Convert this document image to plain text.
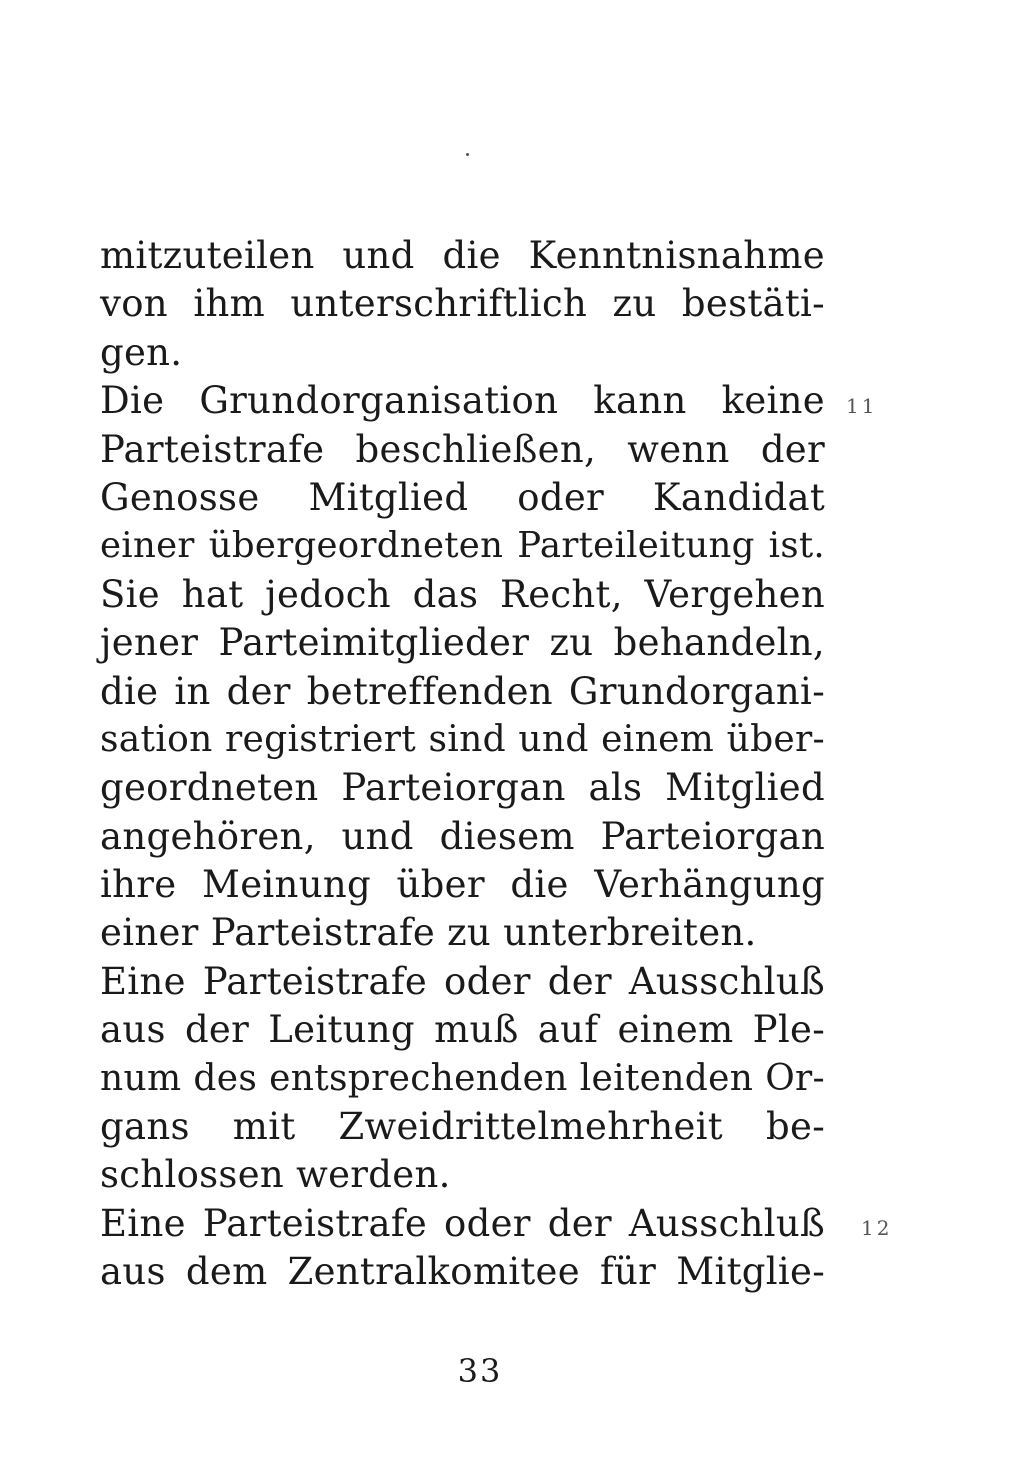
mitzuteilen und die Kenntnisnahme
von ihm unterschriftlich zu bestäti-
gen.
Die Grundorganisation kann keine
Parteistrafe beschließen, wenn der
Genosse Mitglied oder Kandidat
einer übergeordneten Parteileitung ist.
Sie hat jedoch das Recht, Vergehen
jener Parteimitglieder zu behandeln,
die in der betreffenden Grundorgani-
sation registriert sind und einem über-
geordneten Parteiorgan als Mitglied
angehören, und diesem Parteiorgan
ihre Meinung über die Verhängung
einer Parteistrafe zu unterbreiten.
Eine Parteistrafe oder der Ausschluß
aus der Leitung muß auf einem Ple-
num des entsprechenden leitenden Or-
gans mit Zweidrittelmehrheit be-
schlossen werden.
Eine Parteistrafe oder der Ausschluß
aus dem Zentralkomitee für Mitglie-
11
12
33
